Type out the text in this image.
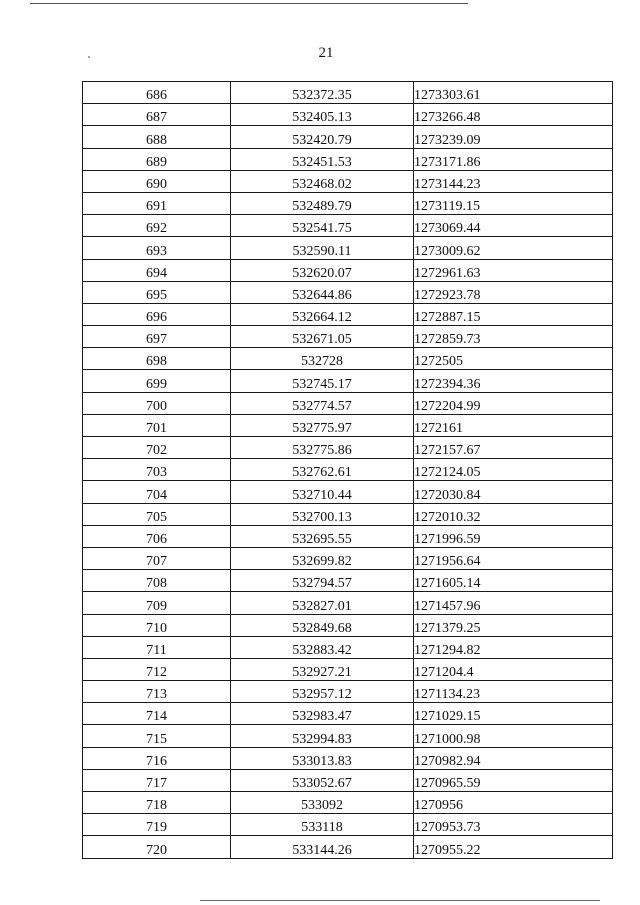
21
686	532372.35	1273303.61
687	532405.13	1273266.48
688	532420.79	1273239.09
689	532451.53	1273171.86
690	532468.02	1273144.23
691	532489.79	1273119.15
692	532541.75	1273069.44
693	532590.11	1273009.62
694	532620.07	1272961.63
695	532644.86	1272923.78
696	532664.12	1272887.15
697	532671.05	1272859.73
698	532728	1272505
699	532745.17	1272394.36
700	532774.57	1272204.99
701	532775.97	1272161
702	532775.86	1272157.67
703	532762.61	1272124.05
704	532710.44	1272030.84
705	532700.13	1272010.32
706	532695.55	1271996.59
707	532699.82	1271956.64
708	532794.57	1271605.14
709	532827.01	1271457.96
710	532849.68	1271379.25
711	532883.42	1271294.82
712	532927.21	1271204.4
713	532957.12	1271134.23
714	532983.47	1271029.15
715	532994.83	1271000.98
716	533013.83	1270982.94
717	533052.67	1270965.59
718	533092	1270956
719	533118	1270953.73
720	533144.26	1270955.22
